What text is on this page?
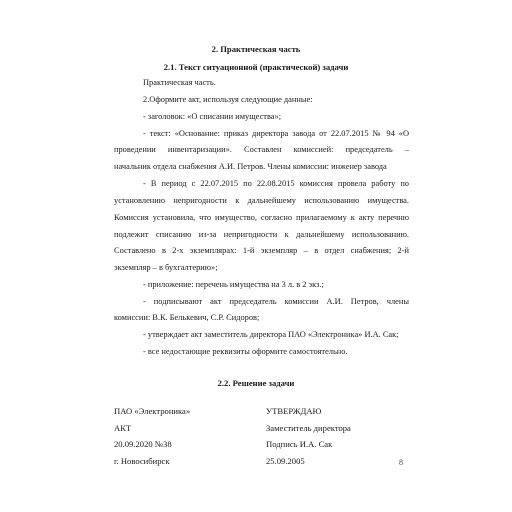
2. Практическая часть
2.1. Текст ситуационной (практической) задачи
Практическая часть.
2.Оформите акт, используя следующие данные:
- заголовок: «О списании имущества»;
- текст: «Основание: приказ директора завода от 22.07.2015 № 94 «О
проведении инвентаризации». Составлен комиссией: председатель –
начальник отдела снабжения А.И. Петров. Члены комиссии: инженер завода
- В период с 22.07.2015 по 22.08.2015 комиссия провела работу по
установлению непригодности к дальнейшему использованию имущества.
Комиссия установила, что имущество, согласно прилагаемому к акту перечню
подлежит списанию из-за непригодности к дальнейшему использованию.
Составлено в 2-х экземплярах: 1-й экземпляр – в отдел снабжения; 2-й
экземпляр – в бухгалтерию»;
- приложение: перечень имущества на 3 л. в 2 экз.;
- подписывают акт председатель комиссии А.И. Петров, члены
комиссии: В.К. Белькевич, С.Р. Сидоров;
- утверждает акт заместитель директора ПАО «Электроника» И.А. Сак;
- все недостающие реквизиты оформите самостоятельно.
2.2. Решение задачи
ПАО «Электроника»
АКТ
20.09.2020 №38
г. Новосибирск
УТВЕРЖДАЮ
Заместитель директора
Подпись И.А. Сак
25.09.2005	8
